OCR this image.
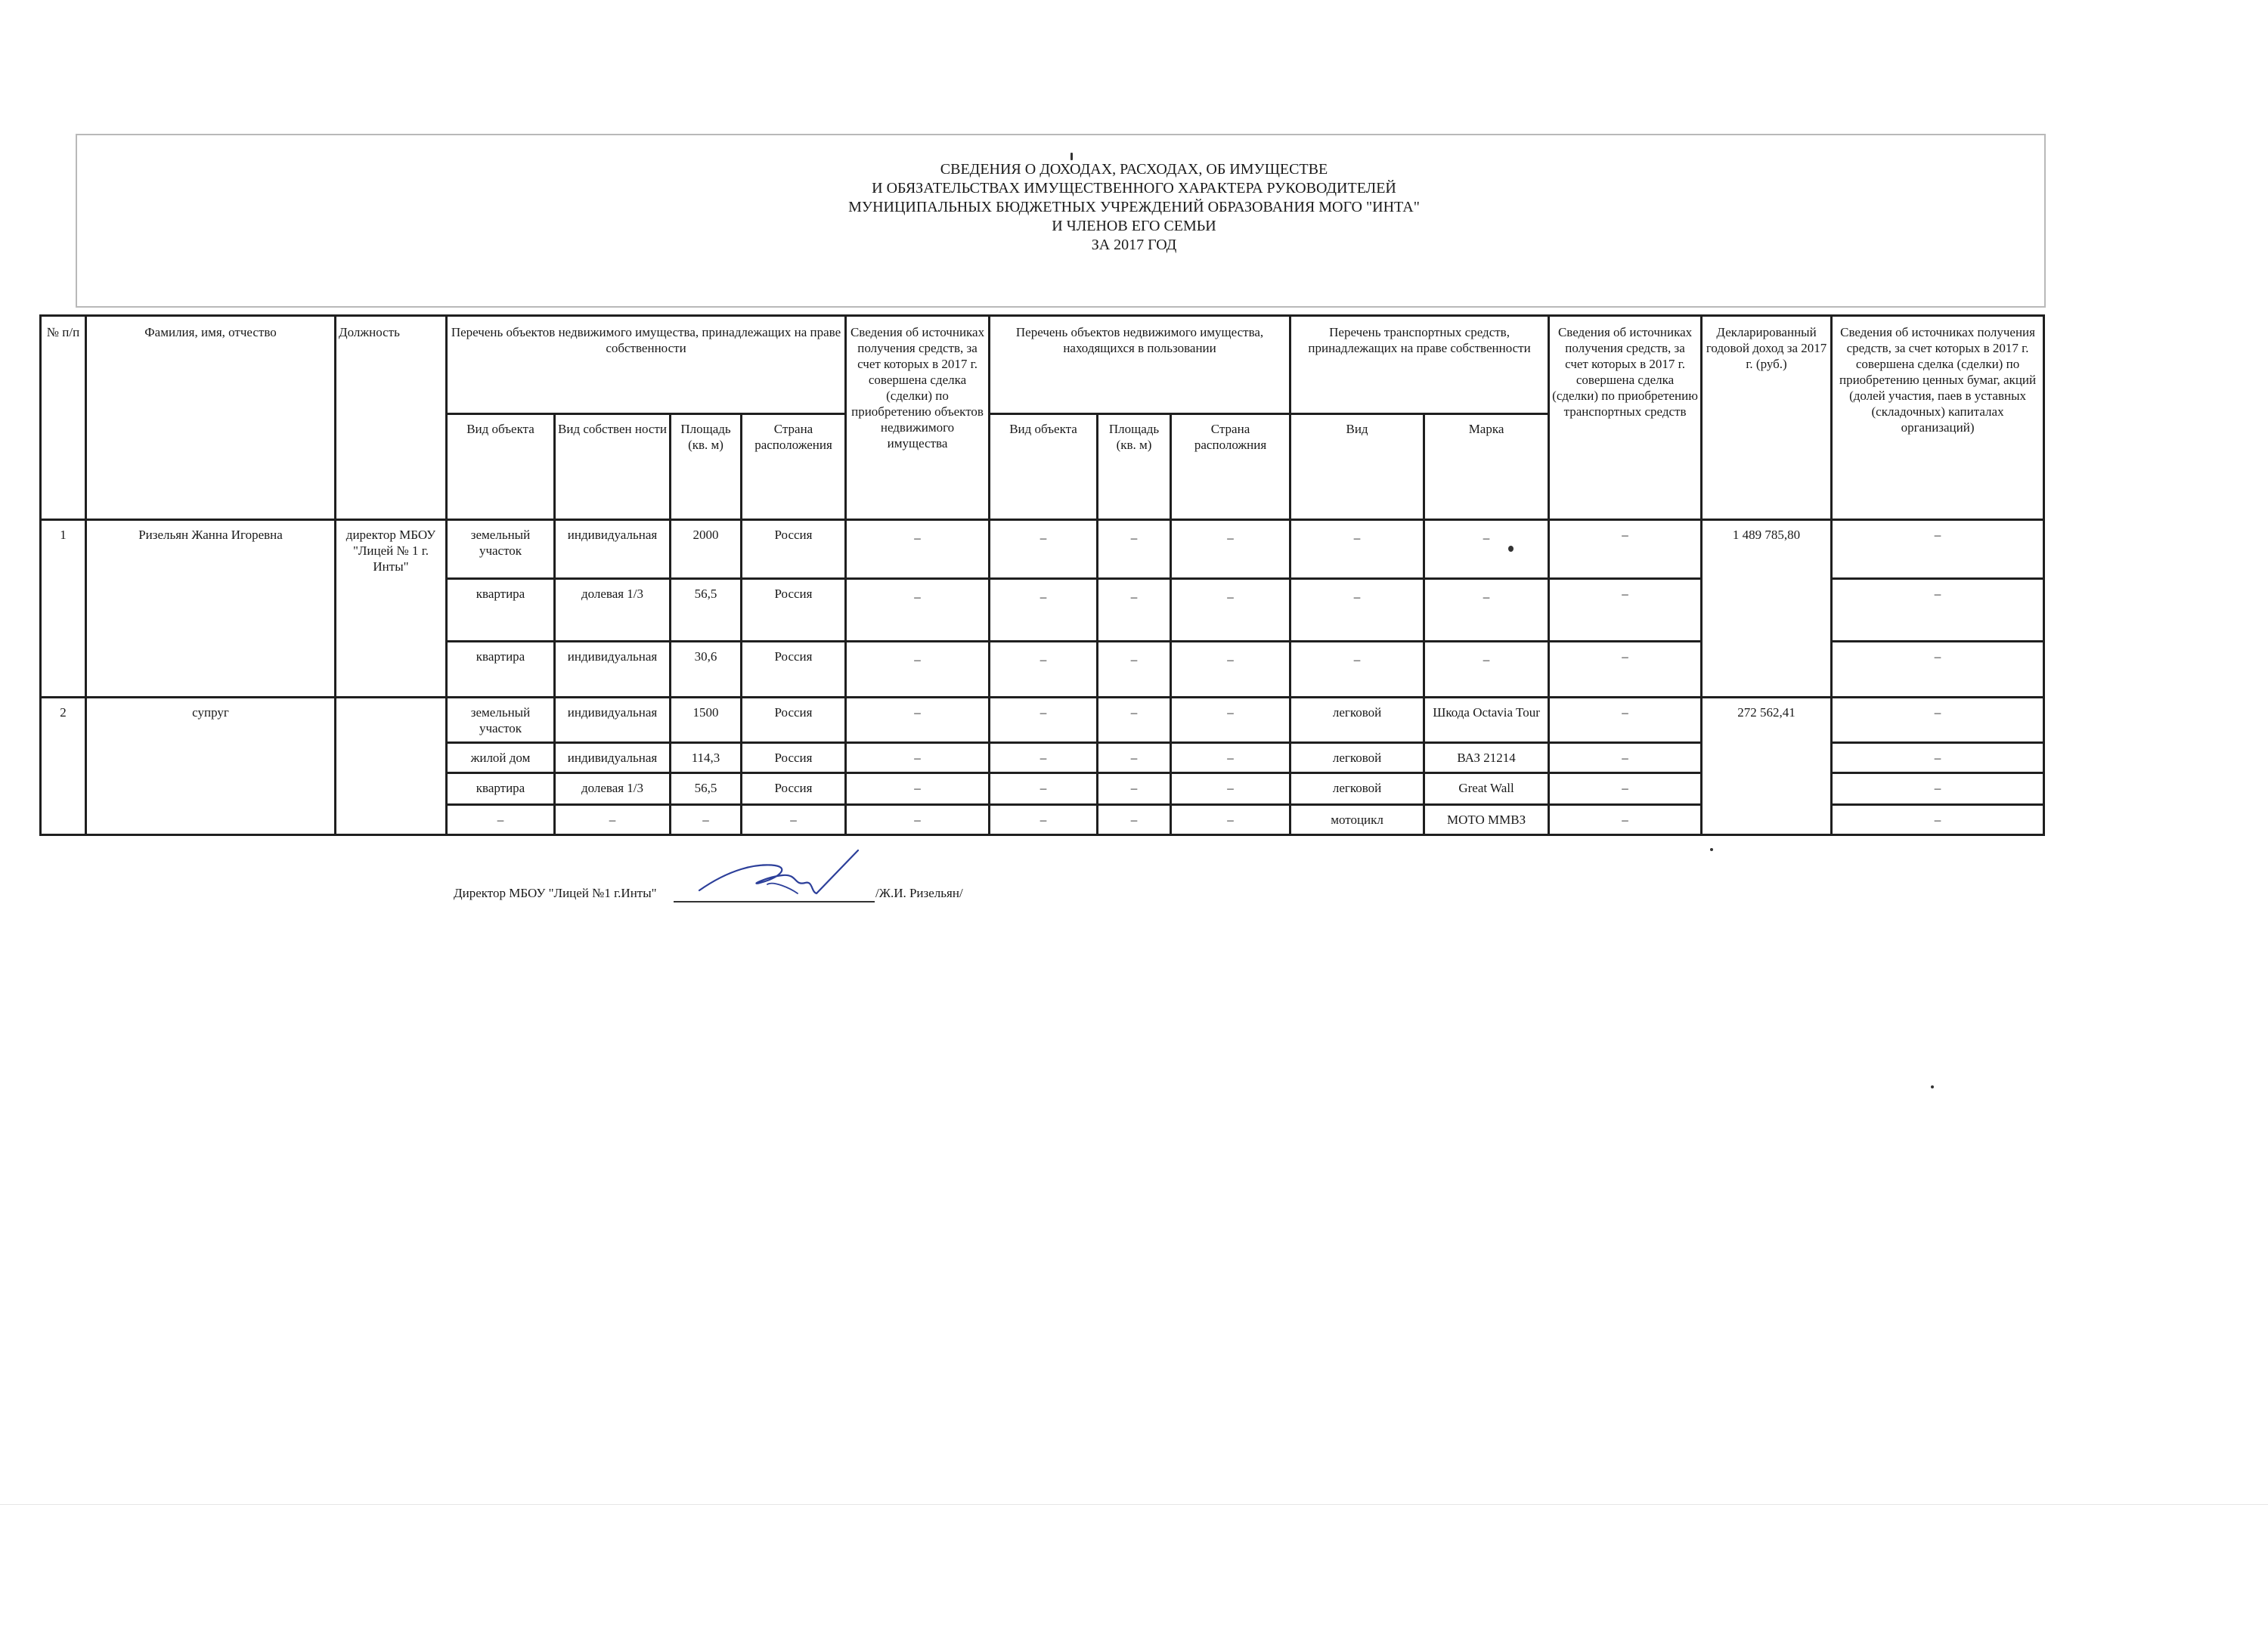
СВЕДЕНИЯ О ДОХОДАХ, РАСХОДАХ, ОБ ИМУЩЕСТВЕ
И ОБЯЗАТЕЛЬСТВАХ ИМУЩЕСТВЕННОГО ХАРАКТЕРА РУКОВОДИТЕЛЕЙ
МУНИЦИПАЛЬНЫХ БЮДЖЕТНЫХ УЧРЕЖДЕНИЙ ОБРАЗОВАНИЯ МОГО "ИНТА"
И ЧЛЕНОВ ЕГО СЕМЬИ
ЗА 2017 ГОД
№ п/п	Фамилия, имя, отчество	Должность	Перечень объектов недвижимого имущества, принадлежащих на праве собственности				Сведения об источниках получения средств, за счет которых в 2017 г. совершена сделка (сделки) по приобретению объектов недвижимого имущества	Перечень объектов недвижимого имущества, находящихся в пользовании			Перечень транспортных средств, принадлежащих на праве собственности		Сведения об источниках получения средств, за счет которых в 2017 г. совершена сделка (сделки) по приобретению транспортных средств	Декларированный годовой доход за 2017 г. (руб.)	Сведения об источниках получения средств, за счет которых в 2017 г. совершена сделка (сделки) по приобретению ценных бумаг, акций (долей участия, паев в уставных (складочных) капиталах организаций)
			Вид объекта	Вид собствен ности	Площадь (кв. м)	Страна расположения		Вид объекта	Площадь (кв. м)	Страна расположния	Вид	Марка			
1	Ризельян Жанна Игоревна	директор МБОУ "Лицей № 1 г. Инты"	земельный участок	индивидуальная	2000	Россия	–	–	–	–	–	–	–	1 489 785,80	–
			квартира	долевая 1/3	56,5	Россия	–	–	–	–	–	–	–		–
			квартира	индивидуальная	30,6	Россия	–	–	–	–	–	–	–		–
2	супруг		земельный участок	индивидуальная	1500	Россия	–	–	–	–	легковой	Шкода Octavia Tour	–	272 562,41	–
			жилой дом	индивидуальная	114,3	Россия	–	–	–	–	легковой	ВАЗ 21214	–		–
			квартира	долевая 1/3	56,5	Россия	–	–	–	–	легковой	Great Wall	–		–
			–	–	–	–	–	–	–	–	мотоцикл	МОТО ММВЗ	–		–
Директор МБОУ "Лицей №1 г.Инты"	/Ж.И. Ризельян/
